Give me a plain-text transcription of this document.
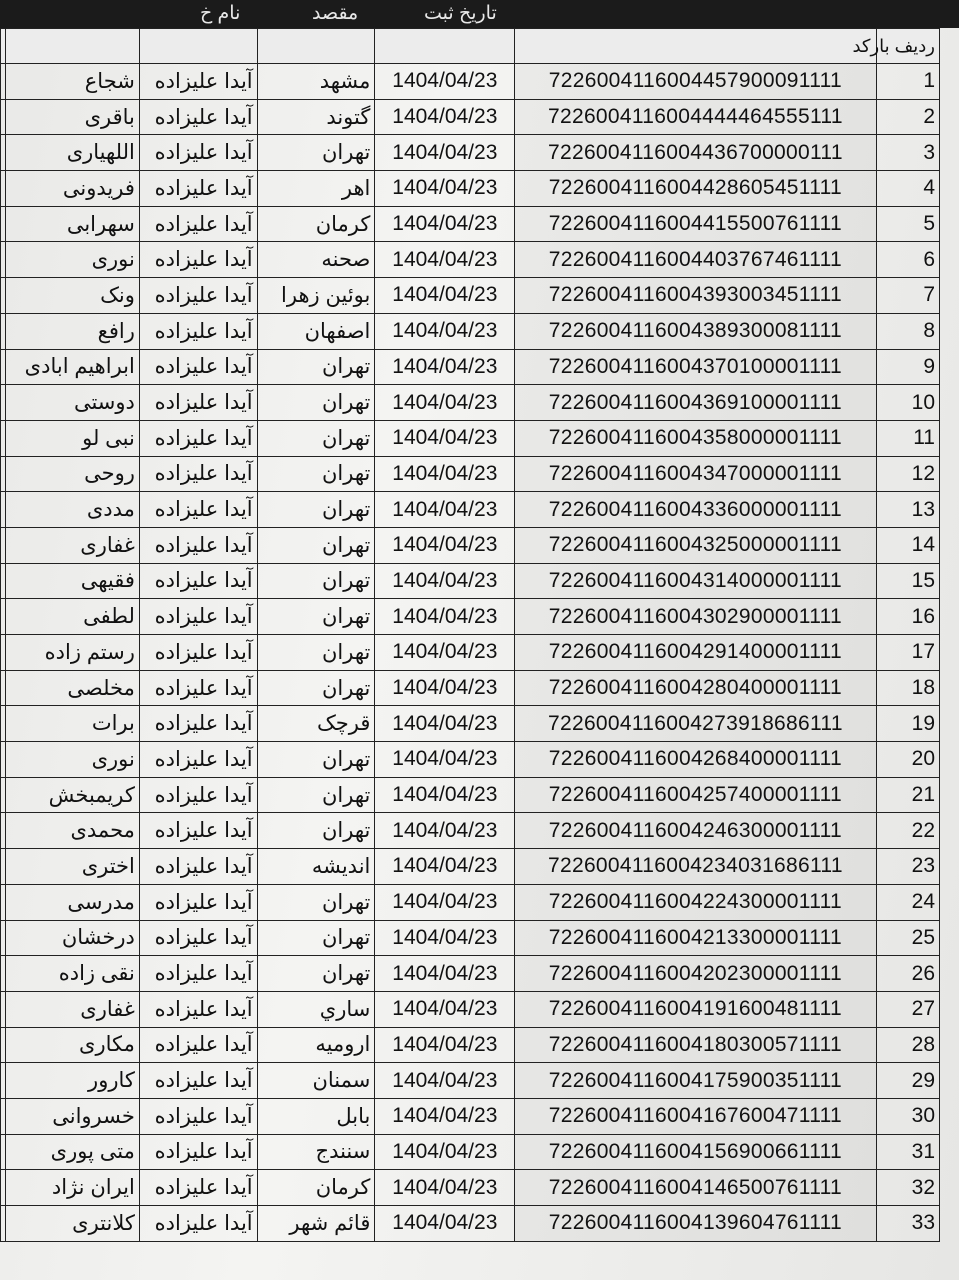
نام خ	مقصد	تاریخ ثبت
						ردیف بارکد
	شجاع	آیدا علیزاده	مشهد	1404/04/23	7226004116004457900091111	1
	باقری	آیدا علیزاده	گتوند	1404/04/23	7226004116004444464555111	2
	اللهیاری	آیدا علیزاده	تهران	1404/04/23	7226004116004436700000111	3
	فریدونی	آیدا علیزاده	اهر	1404/04/23	7226004116004428605451111	4
	سهرابی	آیدا علیزاده	کرمان	1404/04/23	7226004116004415500761111	5
	نوری	آیدا علیزاده	صحنه	1404/04/23	7226004116004403767461111	6
	ونک	آیدا علیزاده	بوئین زهرا	1404/04/23	7226004116004393003451111	7
	رافع	آیدا علیزاده	اصفهان	1404/04/23	7226004116004389300081111	8
	ابراهیم ابادی	آیدا علیزاده	تهران	1404/04/23	7226004116004370100001111	9
	دوستی	آیدا علیزاده	تهران	1404/04/23	7226004116004369100001111	10
	نبی لو	آیدا علیزاده	تهران	1404/04/23	7226004116004358000001111	11
	روحی	آیدا علیزاده	تهران	1404/04/23	7226004116004347000001111	12
	مددی	آیدا علیزاده	تهران	1404/04/23	7226004116004336000001111	13
	غفاری	آیدا علیزاده	تهران	1404/04/23	7226004116004325000001111	14
	فقیهی	آیدا علیزاده	تهران	1404/04/23	7226004116004314000001111	15
	لطفی	آیدا علیزاده	تهران	1404/04/23	7226004116004302900001111	16
	رستم زاده	آیدا علیزاده	تهران	1404/04/23	7226004116004291400001111	17
	مخلصی	آیدا علیزاده	تهران	1404/04/23	7226004116004280400001111	18
	برات	آیدا علیزاده	قرچک	1404/04/23	7226004116004273918686111	19
	نوری	آیدا علیزاده	تهران	1404/04/23	7226004116004268400001111	20
	کریمبخش	آیدا علیزاده	تهران	1404/04/23	7226004116004257400001111	21
	محمدی	آیدا علیزاده	تهران	1404/04/23	7226004116004246300001111	22
	اختری	آیدا علیزاده	اندیشه	1404/04/23	7226004116004234031686111	23
	مدرسی	آیدا علیزاده	تهران	1404/04/23	7226004116004224300001111	24
	درخشان	آیدا علیزاده	تهران	1404/04/23	7226004116004213300001111	25
	نقی زاده	آیدا علیزاده	تهران	1404/04/23	7226004116004202300001111	26
	غفاری	آیدا علیزاده	ساري	1404/04/23	7226004116004191600481111	27
	مکاری	آیدا علیزاده	ارومیه	1404/04/23	7226004116004180300571111	28
	کارور	آیدا علیزاده	سمنان	1404/04/23	7226004116004175900351111	29
	خسروانی	آیدا علیزاده	بابل	1404/04/23	7226004116004167600471111	30
	متی پوری	آیدا علیزاده	سنندج	1404/04/23	7226004116004156900661111	31
	ایران نژاد	آیدا علیزاده	کرمان	1404/04/23	7226004116004146500761111	32
	کلانتری	آیدا علیزاده	قائم شهر	1404/04/23	7226004116004139604761111	33
